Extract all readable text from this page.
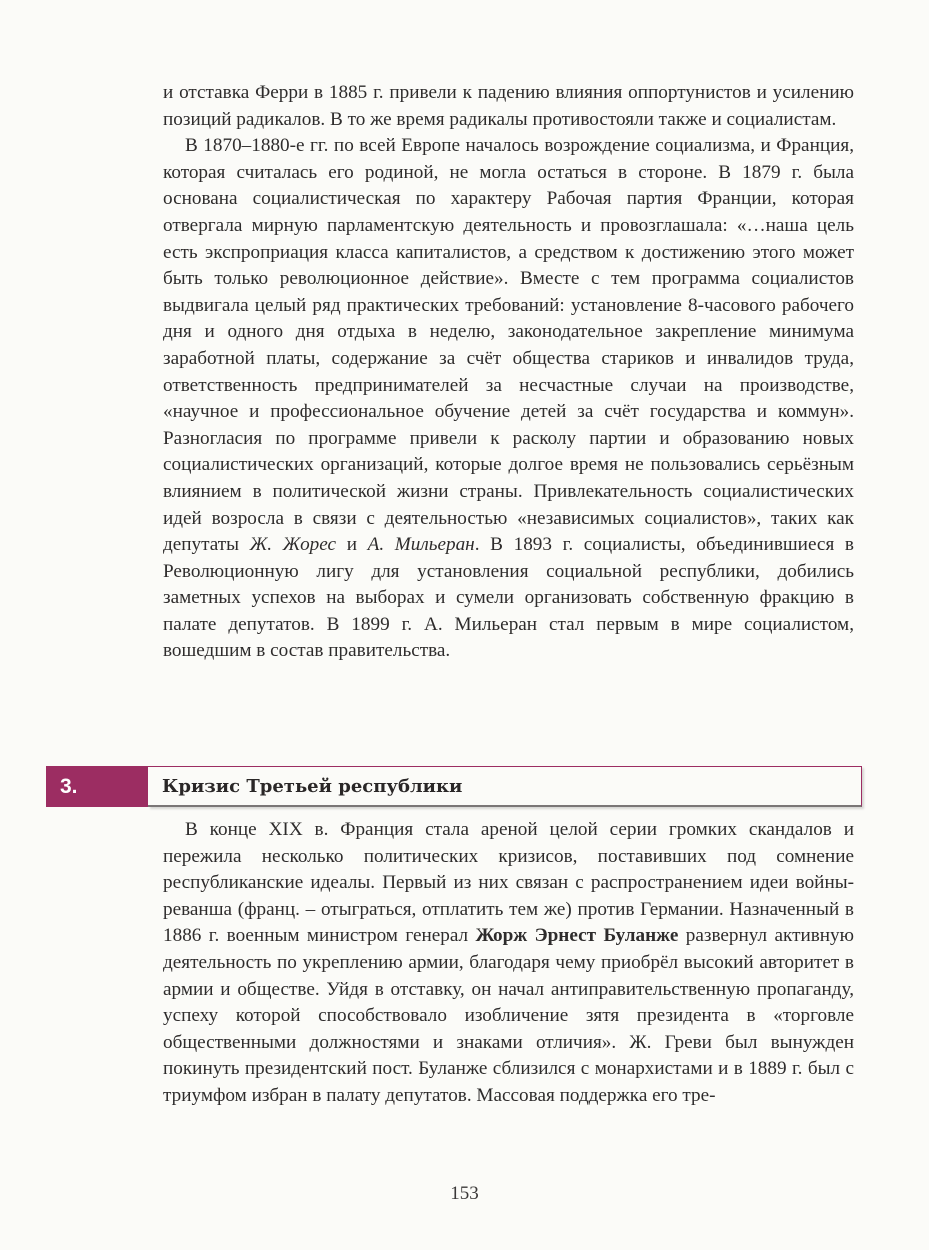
и отставка Ферри в 1885 г. привели к падению влияния оппортунистов и усилению позиций радикалов. В то же время радикалы противостояли также и социалистам.

В 1870–1880-е гг. по всей Европе началось возрождение социализма, и Франция, которая считалась его родиной, не могла остаться в стороне. В 1879 г. была основана социалистическая по характеру Рабочая партия Франции, которая отвергала мирную парламентскую деятельность и провозглашала: «…наша цель есть экспроприация класса капиталистов, а средством к достижению этого может быть только революционное действие». Вместе с тем программа социалистов выдвигала целый ряд практических требований: установление 8-часового рабочего дня и одного дня отдыха в неделю, законодательное закрепление минимума заработной платы, содержание за счёт общества стариков и инвалидов труда, ответственность предпринимателей за несчастные случаи на производстве, «научное и профессиональное обучение детей за счёт государства и коммун». Разногласия по программе привели к расколу партии и образованию новых социалистических организаций, которые долгое время не пользовались серьёзным влиянием в политической жизни страны. Привлекательность социалистических идей возросла в связи с деятельностью «независимых социалистов», таких как депутаты Ж. Жорес и А. Мильеран. В 1893 г. социалисты, объединившиеся в Революционную лигу для установления социальной республики, добились заметных успехов на выборах и сумели организовать собственную фракцию в палате депутатов. В 1899 г. А. Мильеран стал первым в мире социалистом, вошедшим в состав правительства.

3.	Кризис Третьей республики

В конце XIX в. Франция стала ареной целой серии громких скандалов и пережила несколько политических кризисов, поставивших под сомнение республиканские идеалы. Первый из них связан с распространением идеи войны-реванша (франц. – отыграться, отплатить тем же) против Германии. Назначенный в 1886 г. военным министром генерал Жорж Эрнест Буланже развернул активную деятельность по укреплению армии, благодаря чему приобрёл высокий авторитет в армии и обществе. Уйдя в отставку, он начал антиправительственную пропаганду, успеху которой способствовало изобличение зятя президента в «торговле общественными должностями и знаками отличия». Ж. Греви был вынужден покинуть президентский пост. Буланже сблизился с монархистами и в 1889 г. был с триумфом избран в палату депутатов. Массовая поддержка его тре-

153
